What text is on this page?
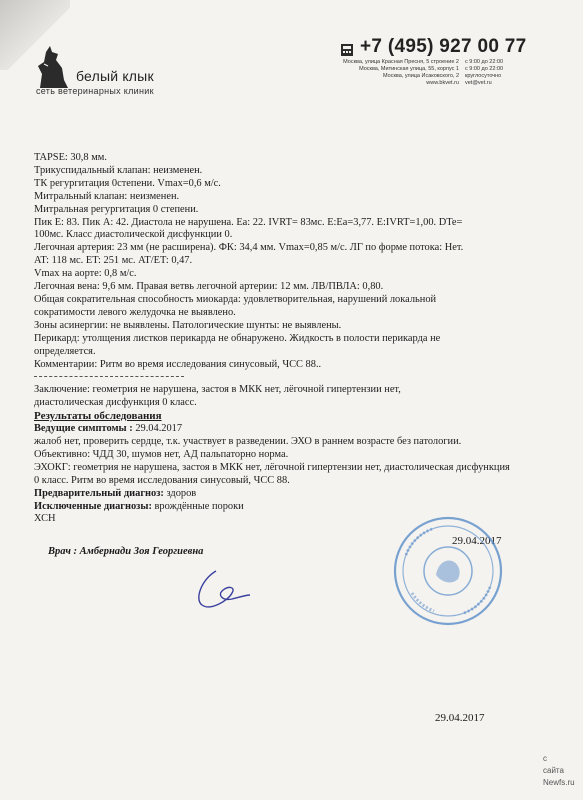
белый клык
сеть ветеринарных клиник
+7 (495) 927 00 77
Москва, улица Красная Пресня, 5 строение 2
Москва, Митинская улица, 55, корпус 1
Москва, улица Исаковского, 2
www.bkvet.ru
с 9:00 до 22:00
с 9:00 до 22:00
круглосуточно
vet@vet.ru
TAPSE: 30,8 мм.
Трикуспидальный клапан: неизменен.
ТК регургитация 0степени. Vmax=0,6 м/с.
Митральный клапан: неизменен.
Митральная регургитация 0 степени.
Пик Е: 83. Пик А: 42. Диастола не нарушена. Еа: 22. IVRT= 83мс. Е:Еа=3,77. E:IVRT=1,00. DTe=
100мс. Класс диастолической дисфункции 0.
Легочная артерия: 23 мм (не расширена). ФК: 34,4 мм. Vmax=0,85 м/с. ЛГ по форме потока: Нет.
AT: 118 мс. ET: 251 мс. AT/ET: 0,47.
Vmax на аорте: 0,8 м/с.
Легочная вена: 9,6 мм. Правая ветвь легочной артерии: 12 мм. ЛВ/ПВЛА: 0,80.
Общая сократительная способность миокарда: удовлетворительная, нарушений локальной
сократимости левого желудочка не выявлено.
Зоны асинергии: не выявлены. Патологические шунты: не выявлены.
Перикард: утолщения листков перикарда не обнаружено. Жидкость в полости перикарда не
определяется.
Комментарии: Ритм во время исследования синусовый, ЧСС 88..
Заключение: геометрия не нарушена, застоя в МКК нет, лёгочной гипертензии нет,
диастолическая дисфункция 0 класс.
Результаты обследования
Ведущие симптомы : 29.04.2017
жалоб нет, проверить сердце, т.к. участвует в разведении. ЭХО в раннем возрасте без патологии.
Объективно: ЧДД 30, шумов нет, АД пальпаторно норма.
ЭХОКГ: геометрия не нарушена, застоя в МКК нет, лёгочной гипертензии нет, диастолическая дисфункция
0 класс. Ритм во время исследования синусовый, ЧСС 88.
Предварительный диагноз: здоров
Исключенные диагнозы: врождённые пороки
ХСН
29.04.2017
Врач : Амбернади Зоя Георгиевна
29.04.2017
с
сайта
Newfs.ru
